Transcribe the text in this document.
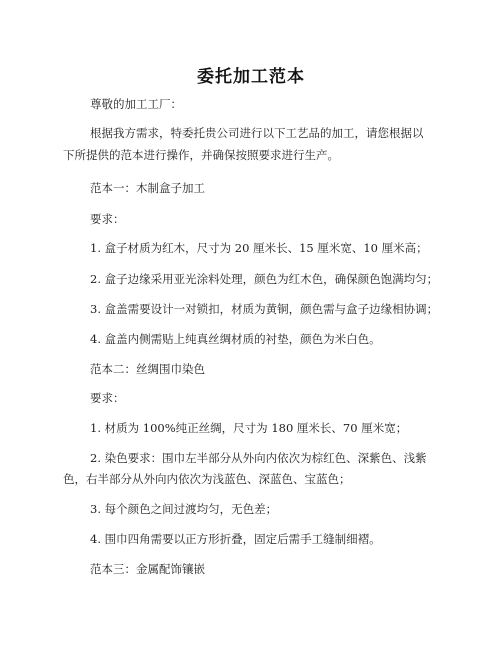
委托加工范本
尊敬的加工工厂：
根据我方需求，特委托贵公司进行以下工艺品的加工，请您根据以
下所提供的范本进行操作，并确保按照要求进行生产。
范本一：木制盒子加工
要求：
1. 盒子材质为红木，尺寸为 20 厘米长、15 厘米宽、10 厘米高；
2. 盒子边缘采用亚光涂料处理，颜色为红木色，确保颜色饱满均匀；
3. 盒盖需要设计一对锁扣，材质为黄铜，颜色需与盒子边缘相协调；
4. 盒盖内侧需贴上纯真丝绸材质的衬垫，颜色为米白色。
范本二：丝绸围巾染色
要求：
1. 材质为 100%纯正丝绸，尺寸为 180 厘米长、70 厘米宽；
2. 染色要求：围巾左半部分从外向内依次为棕红色、深紫色、浅紫
色，右半部分从外向内依次为浅蓝色、深蓝色、宝蓝色；
3. 每个颜色之间过渡均匀，无色差；
4. 围巾四角需要以正方形折叠，固定后需手工缝制细褶。
范本三：金属配饰镶嵌
